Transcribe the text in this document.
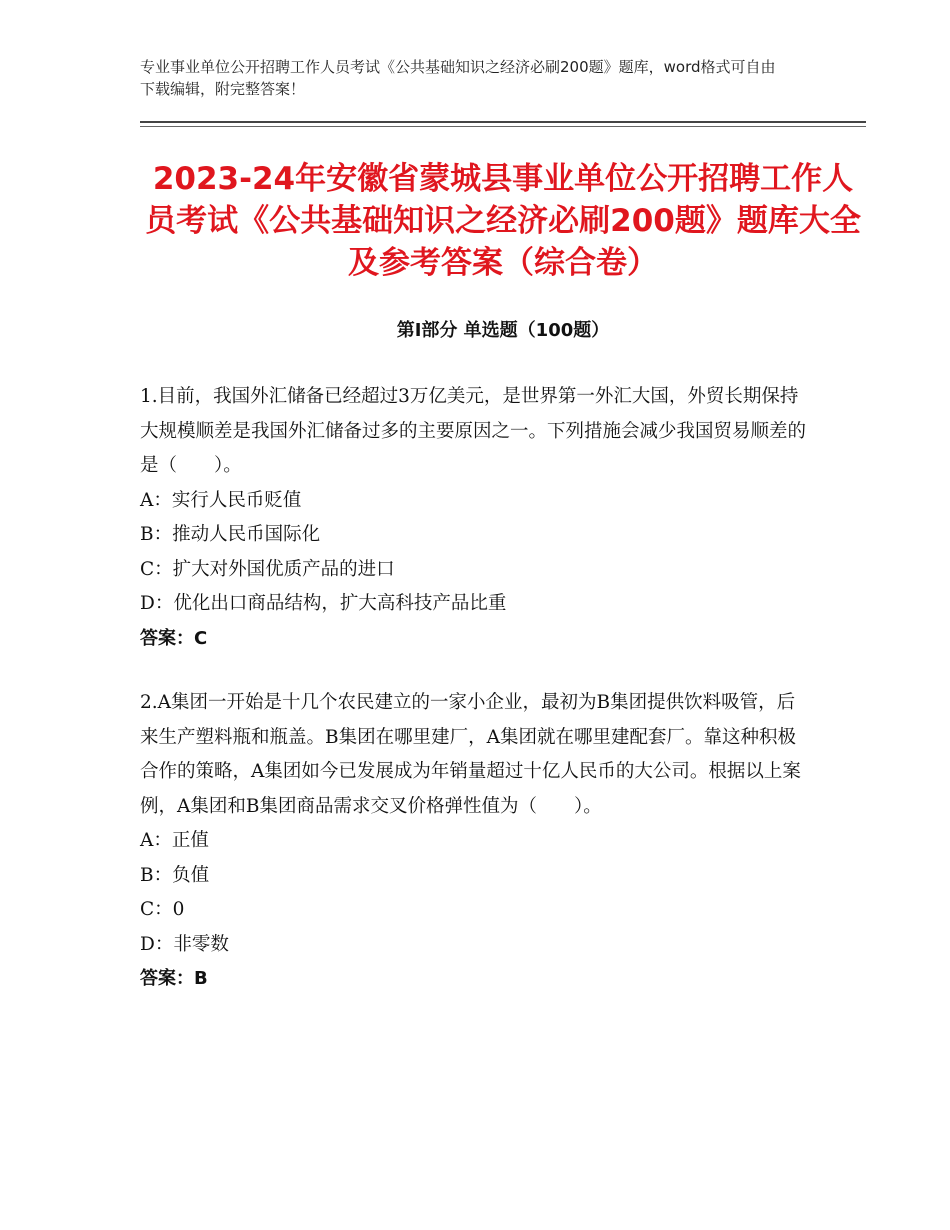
专业事业单位公开招聘工作人员考试《公共基础知识之经济必刷200题》题库，word格式可自由下载编辑，附完整答案！
2023-24年安徽省蒙城县事业单位公开招聘工作人员考试《公共基础知识之经济必刷200题》题库大全及参考答案（综合卷）
第Ⅰ部分 单选题（100题）

1.目前，我国外汇储备已经超过3万亿美元，是世界第一外汇大国，外贸长期保持大规模顺差是我国外汇储备过多的主要原因之一。下列措施会减少我国贸易顺差的是（　　）。

A：实行人民币贬值

B：推动人民币国际化

C：扩大对外国优质产品的进口

D：优化出口商品结构，扩大高科技产品比重

答案：C

2.A集团一开始是十几个农民建立的一家小企业，最初为B集团提供饮料吸管，后来生产塑料瓶和瓶盖。B集团在哪里建厂，A集团就在哪里建配套厂。靠这种积极合作的策略，A集团如今已发展成为年销量超过十亿人民币的大公司。根据以上案例，A集团和B集团商品需求交叉价格弹性值为（　　）。

A：正值

B：负值

C：0

D：非零数

答案：B
